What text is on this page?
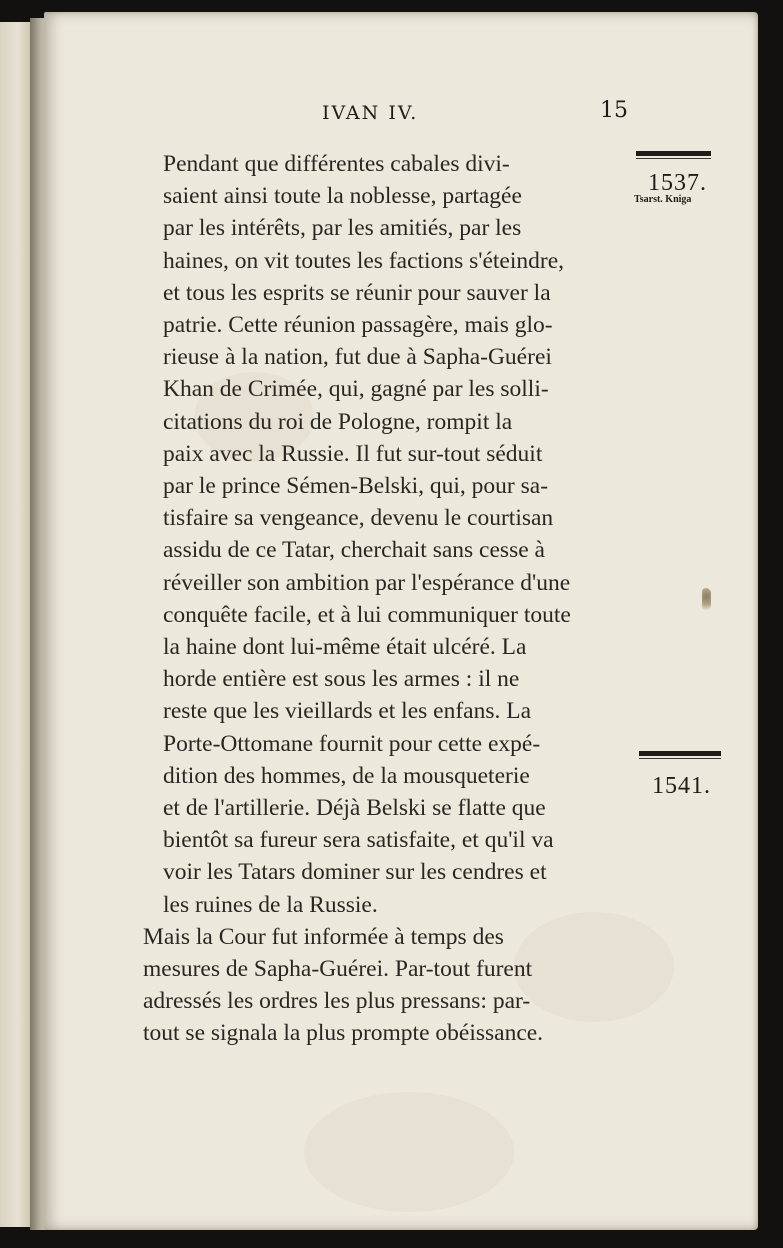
IVAN IV.	15
1537.
Tsarst. Kniga
1541.

Pendant que différentes cabales divi-
saient ainsi toute la noblesse, partagée
par les intérêts, par les amitiés, par les
haines, on vit toutes les factions s'éteindre,
et tous les esprits se réunir pour sauver la
patrie. Cette réunion passagère, mais glo-
rieuse à la nation, fut due à Sapha-Guérei
Khan de Crimée, qui, gagné par les solli-
citations du roi de Pologne, rompit la
paix avec la Russie. Il fut sur-tout séduit
par le prince Sémen-Belski, qui, pour sa-
tisfaire sa vengeance, devenu le courtisan
assidu de ce Tatar, cherchait sans cesse à
réveiller son ambition par l'espérance d'une
conquête facile, et à lui communiquer toute
la haine dont lui-même était ulcéré. La
horde entière est sous les armes : il ne
reste que les vieillards et les enfans. La
Porte-Ottomane fournit pour cette expé-
dition des hommes, de la mousqueterie
et de l'artillerie. Déjà Belski se flatte que
bientôt sa fureur sera satisfaite, et qu'il va
voir les Tatars dominer sur les cendres et
les ruines de la Russie.

Mais la Cour fut informée à temps des
mesures de Sapha-Guérei. Par-tout furent
adressés les ordres les plus pressans: par-
tout se signala la plus prompte obéissance.
